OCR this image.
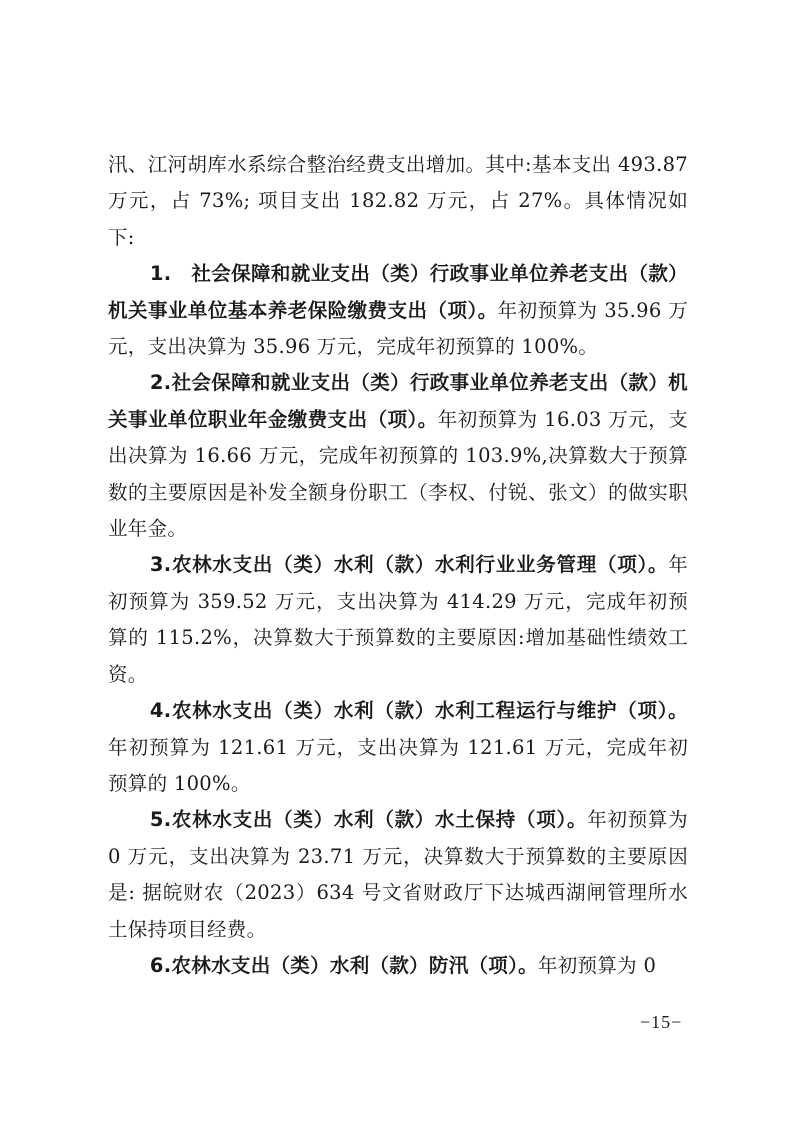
汛、江河胡库水系综合整治经费支出增加。其中:基本支出 493.87 万元，占 73%; 项目支出 182.82 万元，占 27%。具体情况如下:

1.　社会保障和就业支出（类）行政事业单位养老支出（款）机关事业单位基本养老保险缴费支出（项）。年初预算为 35.96 万元，支出决算为 35.96 万元，完成年初预算的 100%。

2.社会保障和就业支出（类）行政事业单位养老支出（款）机关事业单位职业年金缴费支出（项）。年初预算为 16.03 万元，支出决算为 16.66 万元，完成年初预算的 103.9%,决算数大于预算数的主要原因是补发全额身份职工（李权、付锐、张文）的做实职业年金。

3.农林水支出（类）水利（款）水利行业业务管理（项）。年初预算为 359.52 万元，支出决算为 414.29 万元，完成年初预算的 115.2%，决算数大于预算数的主要原因:增加基础性绩效工资。

4.农林水支出（类）水利（款）水利工程运行与维护（项）。年初预算为 121.61 万元，支出决算为 121.61 万元，完成年初预算的 100%。

5.农林水支出（类）水利（款）水土保持（项）。年初预算为 0 万元，支出决算为 23.71 万元，决算数大于预算数的主要原因是: 据皖财农（2023）634 号文省财政厅下达城西湖闸管理所水土保持项目经费。

6.农林水支出（类）水利（款）防汛（项）。年初预算为 0

−15−
